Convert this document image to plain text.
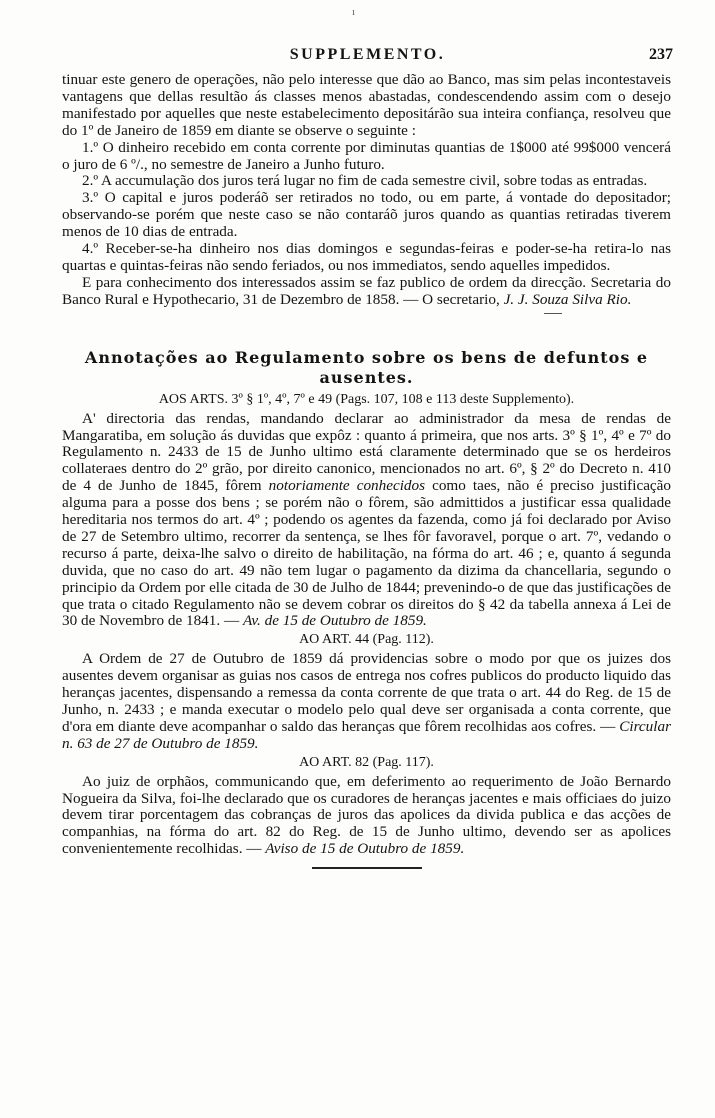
ı
SUPPLEMENTO.	237

tinuar este genero de operações, não pelo interesse que dão ao Banco, mas sim pelas incontestaveis vantagens que dellas resultão ás classes menos abastadas, condescendendo assim com o desejo manifestado por aquelles que neste estabelecimento depositárão sua inteira confiança, resolveu que do 1º de Janeiro de 1859 em diante se observe o seguinte :

1.º O dinheiro recebido em conta corrente por diminutas quantias de 1$000 até 99$000 vencerá o juro de 6 º/., no semestre de Janeiro a Junho futuro.

2.º A accumulação dos juros terá lugar no fim de cada semestre civil, sobre todas as entradas.

3.º O capital e juros poderáõ ser retirados no todo, ou em parte, á vontade do depositador; observando-se porém que neste caso se não contaráõ juros quando as quantias retiradas tiverem menos de 10 dias de entrada.

4.º Receber-se-ha dinheiro nos dias domingos e segundas-feiras e poder-se-ha retira-lo nas quartas e quintas-feiras não sendo feriados, ou nos immediatos, sendo aquelles impedidos.

E para conhecimento dos interessados assim se faz publico de ordem da direcção. Secretaria do Banco Rural e Hypothecario, 31 de Dezembro de 1858. — O secretario, J. J. Souza Silva Rio.

Annotações ao Regulamento sobre os bens de defuntos e ausentes.
AOS ARTS. 3º § 1º, 4º, 7º e 49 (Pags. 107, 108 e 113 deste Supplemento).

A' directoria das rendas, mandando declarar ao administrador da mesa de rendas de Mangaratiba, em solução ás duvidas que expôz : quanto á primeira, que nos arts. 3º § 1º, 4º e 7º do Regulamento n. 2433 de 15 de Junho ultimo está claramente determinado que se os herdeiros collateraes dentro do 2º grão, por direito canonico, mencionados no art. 6º, § 2º do Decreto n. 410 de 4 de Junho de 1845, fôrem notoriamente conhecidos como taes, não é preciso justificação alguma para a posse dos bens ; se porém não o fôrem, são admittidos a justificar essa qualidade hereditaria nos termos do art. 4º ; podendo os agentes da fazenda, como já foi declarado por Aviso de 27 de Setembro ultimo, recorrer da sentença, se lhes fôr favoravel, porque o art. 7º, vedando o recurso á parte, deixa-lhe salvo o direito de habilitação, na fórma do art. 46 ; e, quanto á segunda duvida, que no caso do art. 49 não tem lugar o pagamento da dizima da chancellaria, segundo o principio da Ordem por elle citada de 30 de Julho de 1844; prevenindo-o de que das justificações de que trata o citado Regulamento não se devem cobrar os direitos do § 42 da tabella annexa á Lei de 30 de Novembro de 1841. — Av. de 15 de Outubro de 1859.

AO ART. 44 (Pag. 112).

A Ordem de 27 de Outubro de 1859 dá providencias sobre o modo por que os juizes dos ausentes devem organisar as guias nos casos de entrega nos cofres publicos do producto liquido das heranças jacentes, dispensando a remessa da conta corrente de que trata o art. 44 do Reg. de 15 de Junho, n. 2433 ; e manda executar o modelo pelo qual deve ser organisada a conta corrente, que d'ora em diante deve acompanhar o saldo das heranças que fôrem recolhidas aos cofres. — Circular n. 63 de 27 de Outubro de 1859.

AO ART. 82 (Pag. 117).

Ao juiz de orphãos, communicando que, em deferimento ao requerimento de João Bernardo Nogueira da Silva, foi-lhe declarado que os curadores de heranças jacentes e mais officiaes do juizo devem tirar porcentagem das cobranças de juros das apolices da divida publica e das acções de companhias, na fórma do art. 82 do Reg. de 15 de Junho ultimo, devendo ser as apolices convenientemente recolhidas. — Aviso de 15 de Outubro de 1859.
